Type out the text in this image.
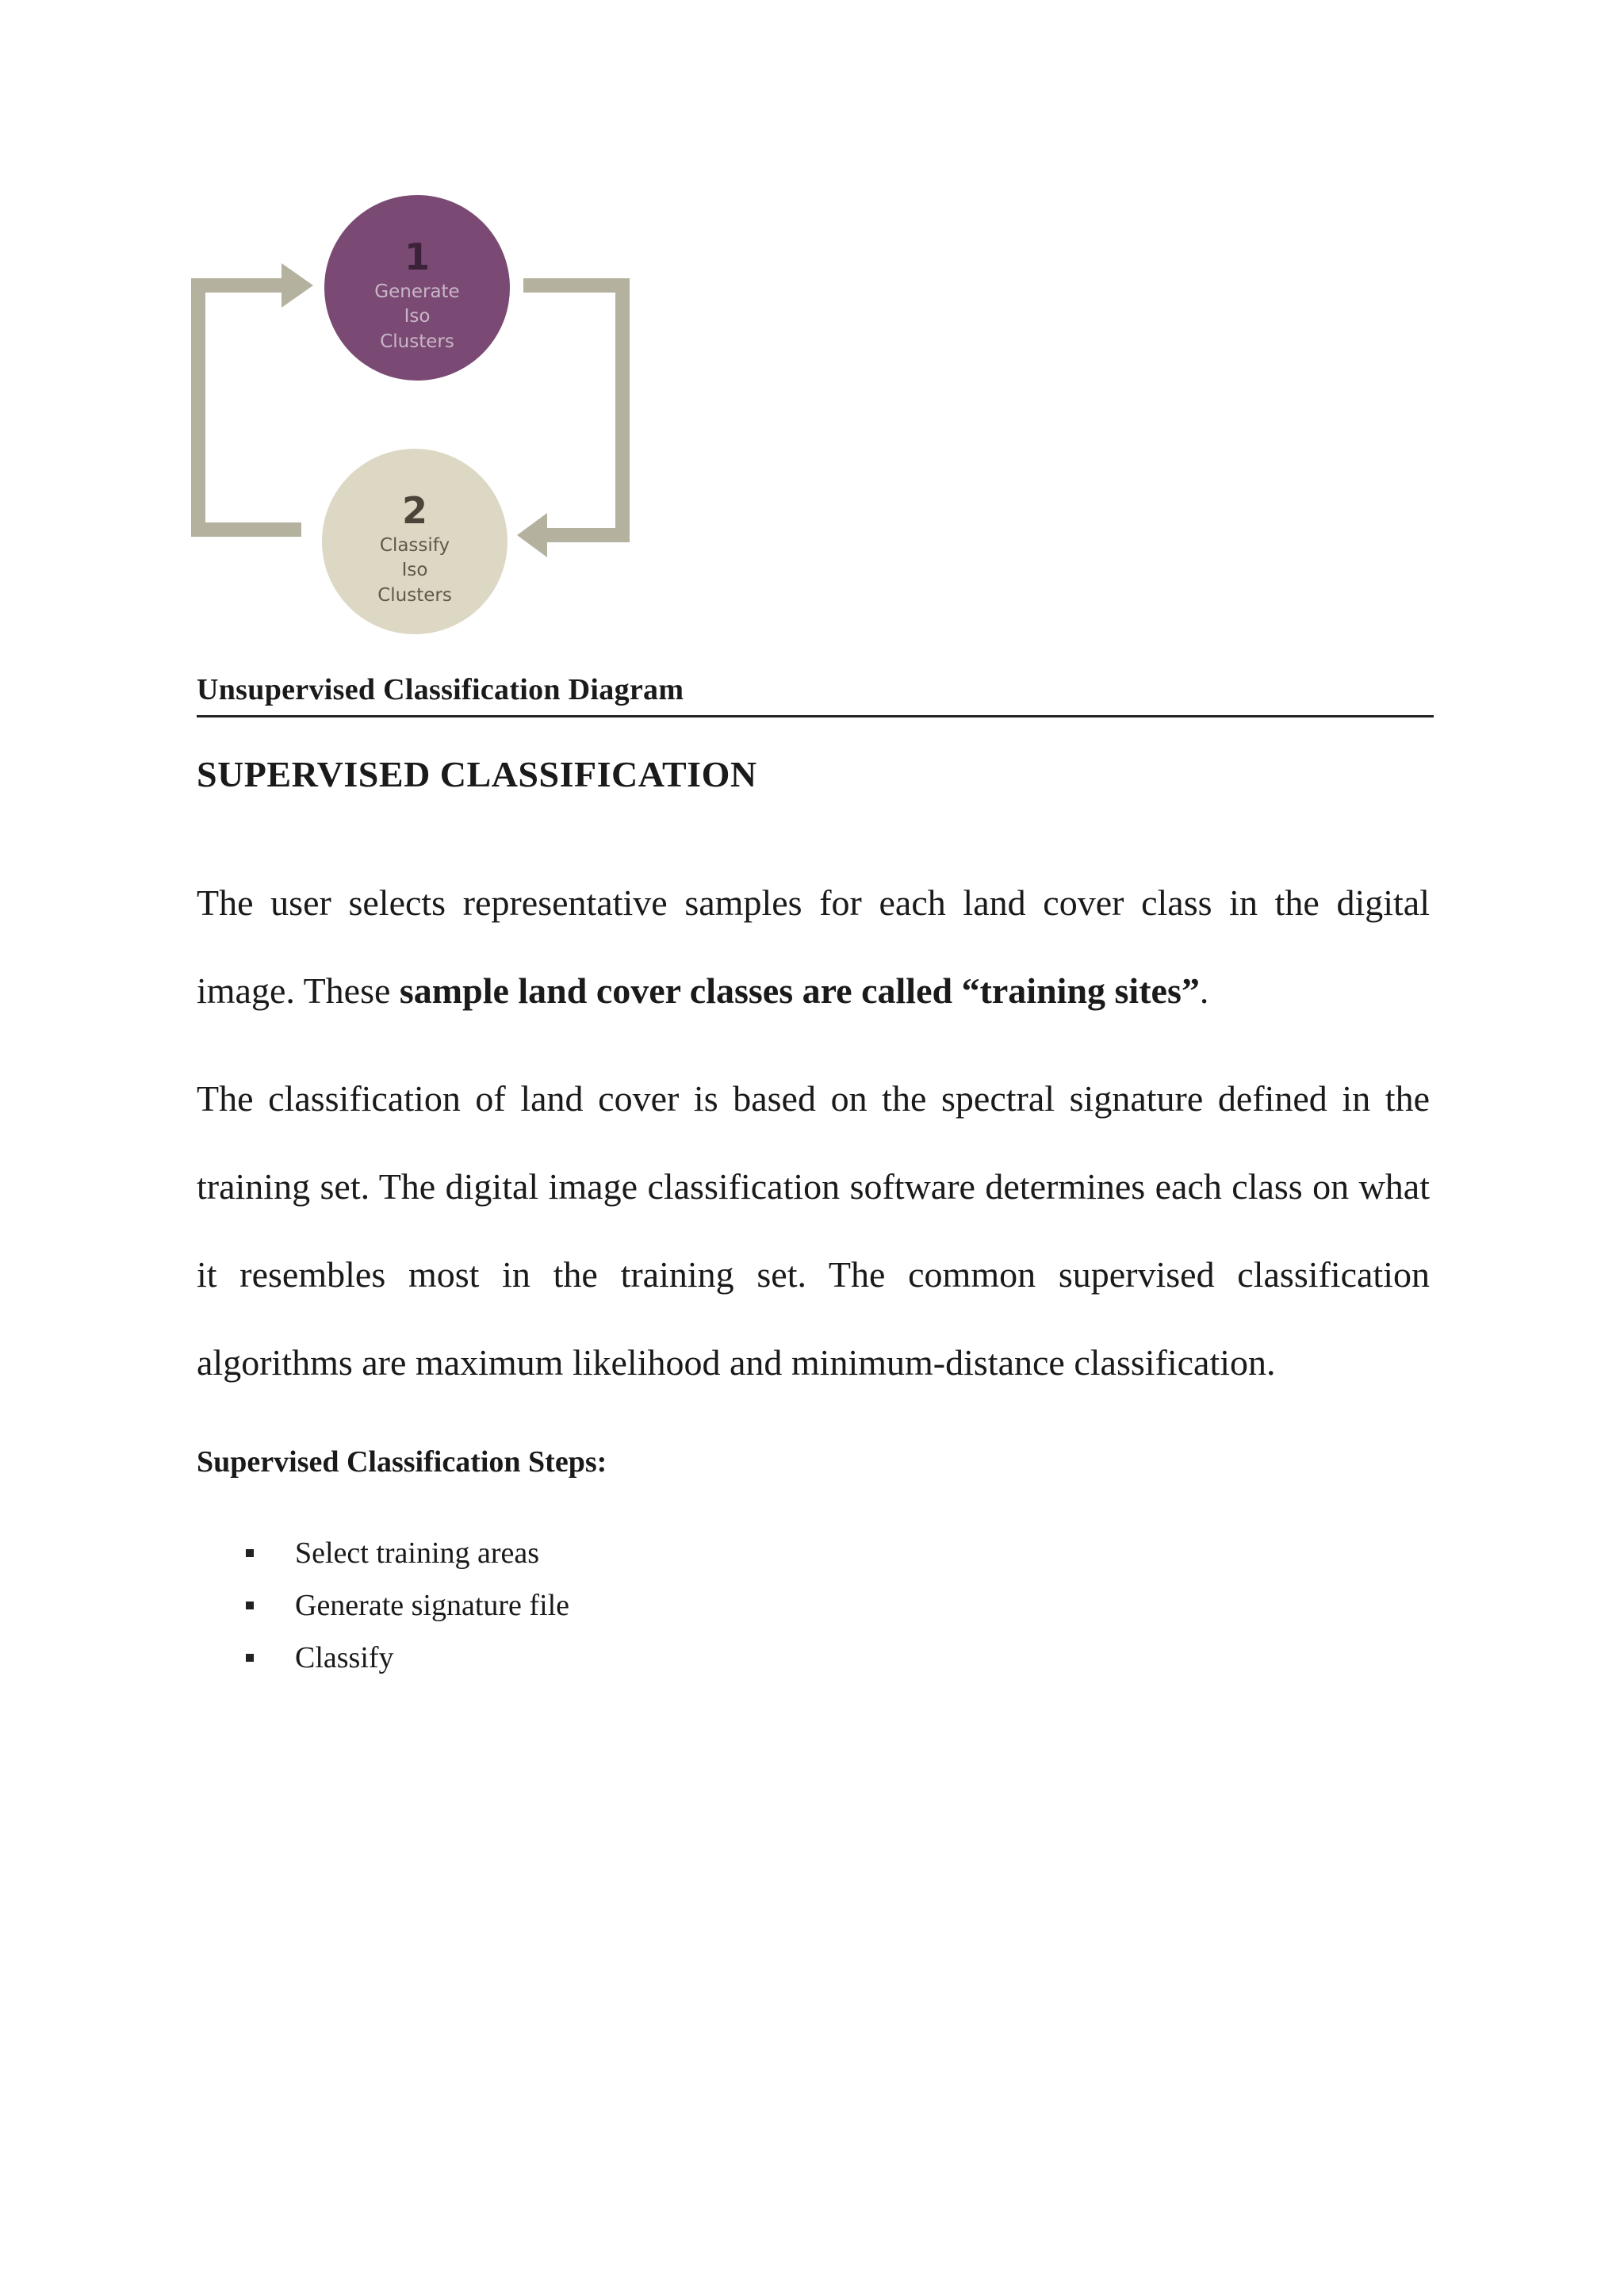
1
Generate
Iso
Clusters
2
Classify
Iso
Clusters
Unsupervised Classification Diagram
SUPERVISED CLASSIFICATION

The user selects representative samples for each land cover class in the digital image. These sample land cover classes are called “training sites”.

The classification of land cover is based on the spectral signature defined in the training set. The digital image classification software determines each class on what it resembles most in the training set. The common supervised classification algorithms are maximum likelihood and minimum-distance classification.

Supervised Classification Steps:
Select training areas
Generate signature file
Classify
